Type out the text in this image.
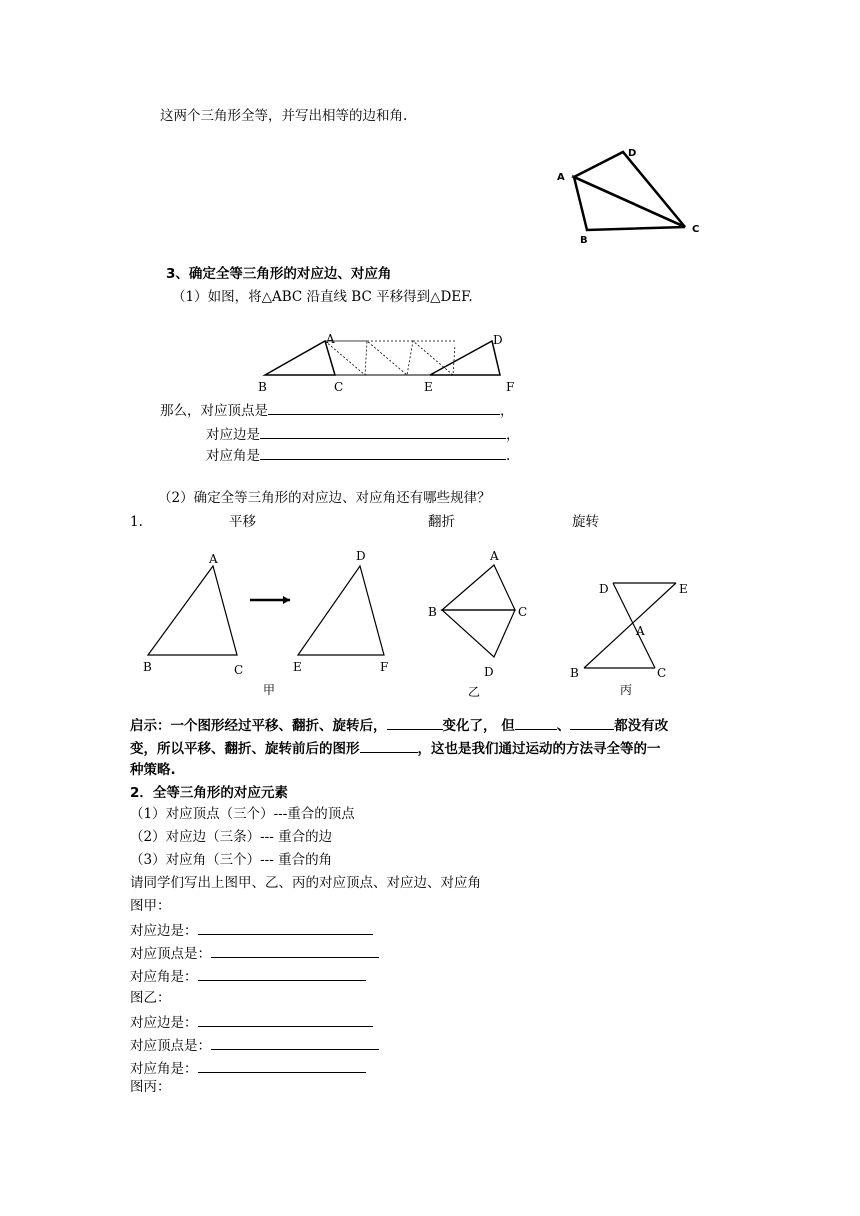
这两个三角形全等，并写出相等的边和角.
A
D
C
B
3、确定全等三角形的对应边、对应角
（1）如图，将△ABC 沿直线 BC 平移得到△DEF.
A	D
B	C	E	F
那么，对应顶点是	，
对应边是	，
对应角是	.
（2）确定全等三角形的对应边、对应角还有哪些规律？
1.	平移	翻折	旋转
A
B	C
D
E	F
甲
A
B	C
D
乙
D	E
A
B	C
丙
启示：一个图形经过平移、翻折、旋转后，	变化了， 但	、	都没有改
变，所以平移、翻折、旋转前后的图形	，这也是我们通过运动的方法寻全等的一
种策略.
2．全等三角形的对应元素
（1）对应顶点（三个）---重合的顶点
（2）对应边（三条）--- 重合的边
（3）对应角（三个）--- 重合的角
请同学们写出上图甲、乙、丙的对应顶点、对应边、对应角
图甲：
对应边是：
对应顶点是：
对应角是：
图乙：
对应边是：
对应顶点是：
对应角是：
图丙：
